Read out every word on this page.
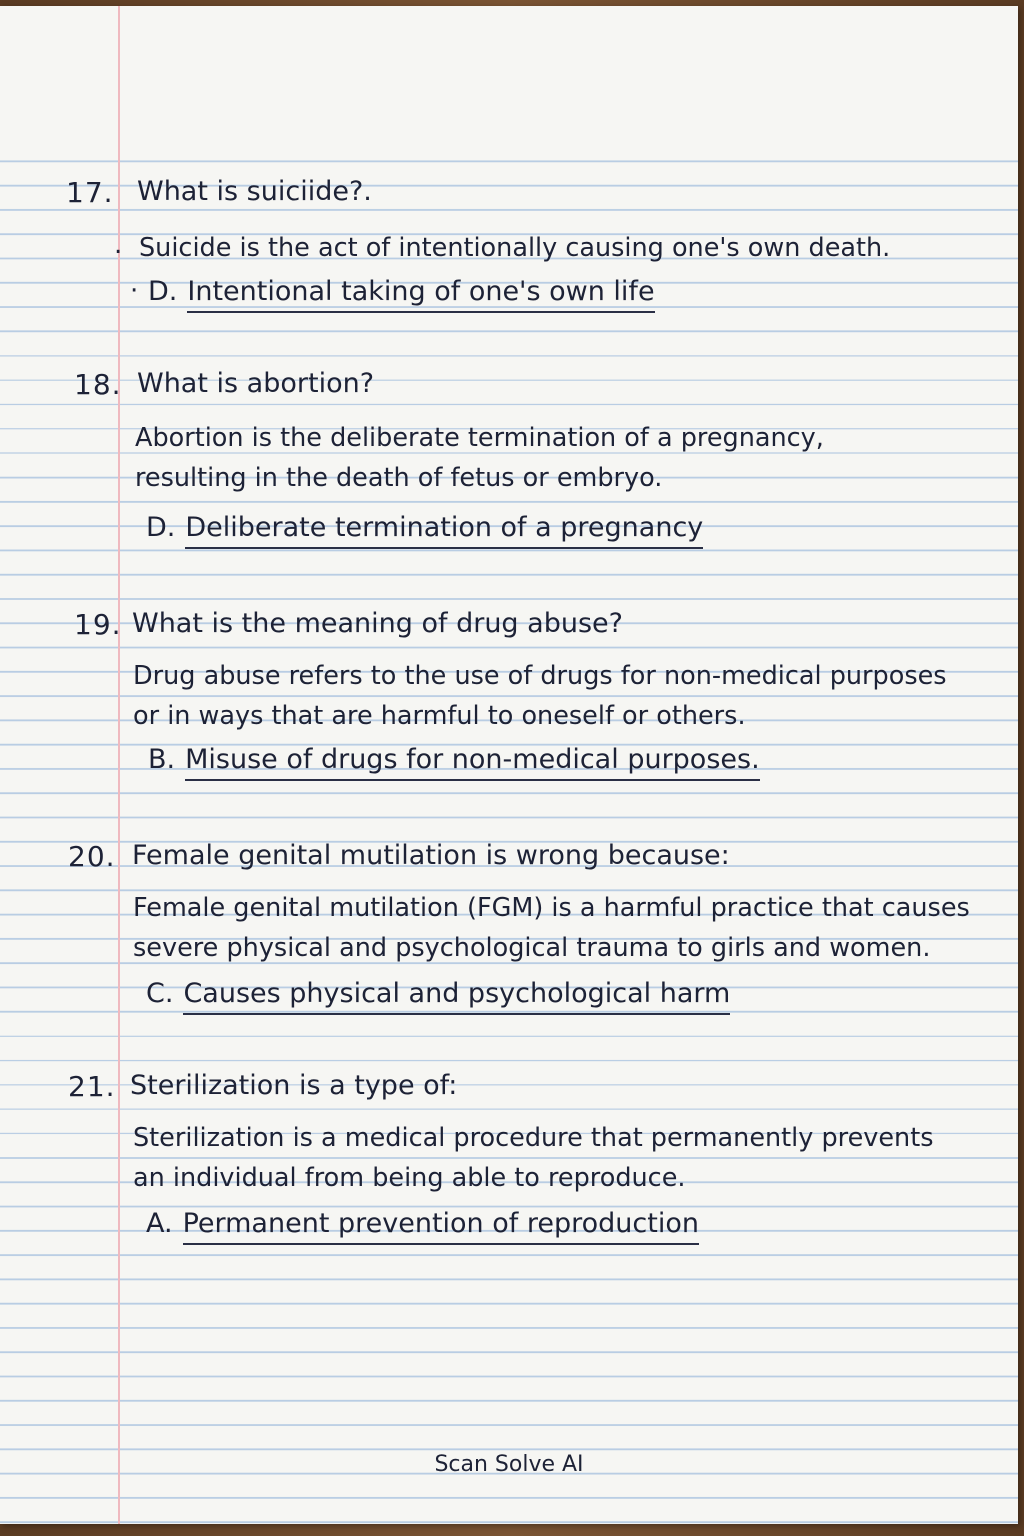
17. What is suiciide?.
. Suicide is the act of intentionally causing one's own death.
· D. Intentional taking of one's own life
18. What is abortion?
Abortion is the deliberate termination of a pregnancy,
resulting in the death of fetus or embryo.
D. Deliberate termination of a pregnancy
19. What is the meaning of drug abuse?
Drug abuse refers to the use of drugs for non-medical purposes
or in ways that are harmful to oneself or others.
B. Misuse of drugs for non-medical purposes.
20. Female genital mutilation is wrong because:
Female genital mutilation (FGM) is a harmful practice that causes
severe physical and psychological trauma to girls and women.
C. Causes physical and psychological harm
21. Sterilization is a type of:
Sterilization is a medical procedure that permanently prevents
an individual from being able to reproduce.
A. Permanent prevention of reproduction
Scan Solve AI
